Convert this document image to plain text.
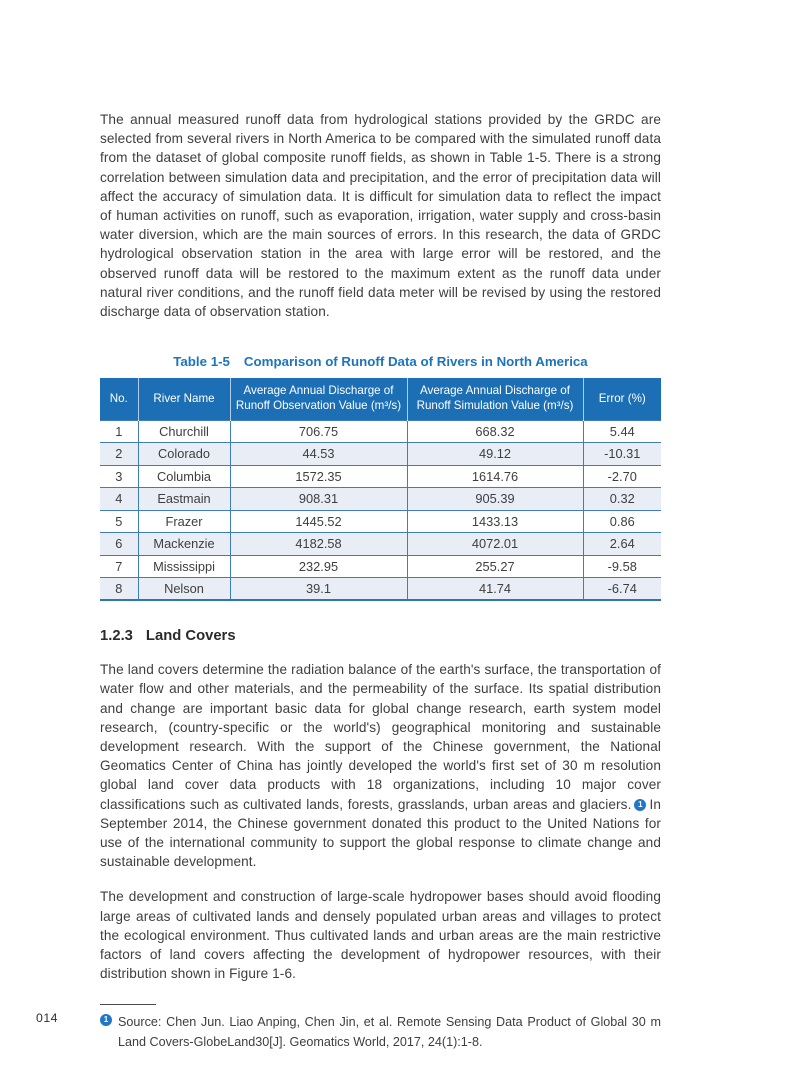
The annual measured runoff data from hydrological stations provided by the GRDC are selected from several rivers in North America to be compared with the simulated runoff data from the dataset of global composite runoff fields, as shown in Table 1-5. There is a strong correlation between simulation data and precipitation, and the error of precipitation data will affect the accuracy of simulation data. It is difficult for simulation data to reflect the impact of human activities on runoff, such as evaporation, irrigation, water supply and cross-basin water diversion, which are the main sources of errors. In this research, the data of GRDC hydrological observation station in the area with large error will be restored, and the observed runoff data will be restored to the maximum extent as the runoff data under natural river conditions, and the runoff field data meter will be revised by using the restored discharge data of observation station.

Table 1-5 Comparison of Runoff Data of Rivers in North America
No.	River Name	Average Annual Discharge of Runoff Observation Value (m³/s)	Average Annual Discharge of Runoff Simulation Value (m³/s)	Error (%)
1	Churchill	706.75	668.32	5.44
2	Colorado	44.53	49.12	-10.31
3	Columbia	1572.35	1614.76	-2.70
4	Eastmain	908.31	905.39	0.32
5	Frazer	1445.52	1433.13	0.86
6	Mackenzie	4182.58	4072.01	2.64
7	Mississippi	232.95	255.27	-9.58
8	Nelson	39.1	41.74	-6.74
1.2.3 Land Covers

The land covers determine the radiation balance of the earth's surface, the transportation of water flow and other materials, and the permeability of the surface. Its spatial distribution and change are important basic data for global change research, earth system model research, (country-specific or the world's) geographical monitoring and sustainable development research. With the support of the Chinese government, the National Geomatics Center of China has jointly developed the world's first set of 30 m resolution global land cover data products with 18 organizations, including 10 major cover classifications such as cultivated lands, forests, grasslands, urban areas and glaciers. 1 In September 2014, the Chinese government donated this product to the United Nations for use of the international community to support the global response to climate change and sustainable development.

The development and construction of large-scale hydropower bases should avoid flooding large areas of cultivated lands and densely populated urban areas and villages to protect the ecological environment. Thus cultivated lands and urban areas are the main restrictive factors of land covers affecting the development of hydropower resources, with their distribution shown in Figure 1-6.

1 Source: Chen Jun. Liao Anping, Chen Jin, et al. Remote Sensing Data Product of Global 30 m Land Covers-GlobeLand30[J]. Geomatics World, 2017, 24(1):1-8.
014
